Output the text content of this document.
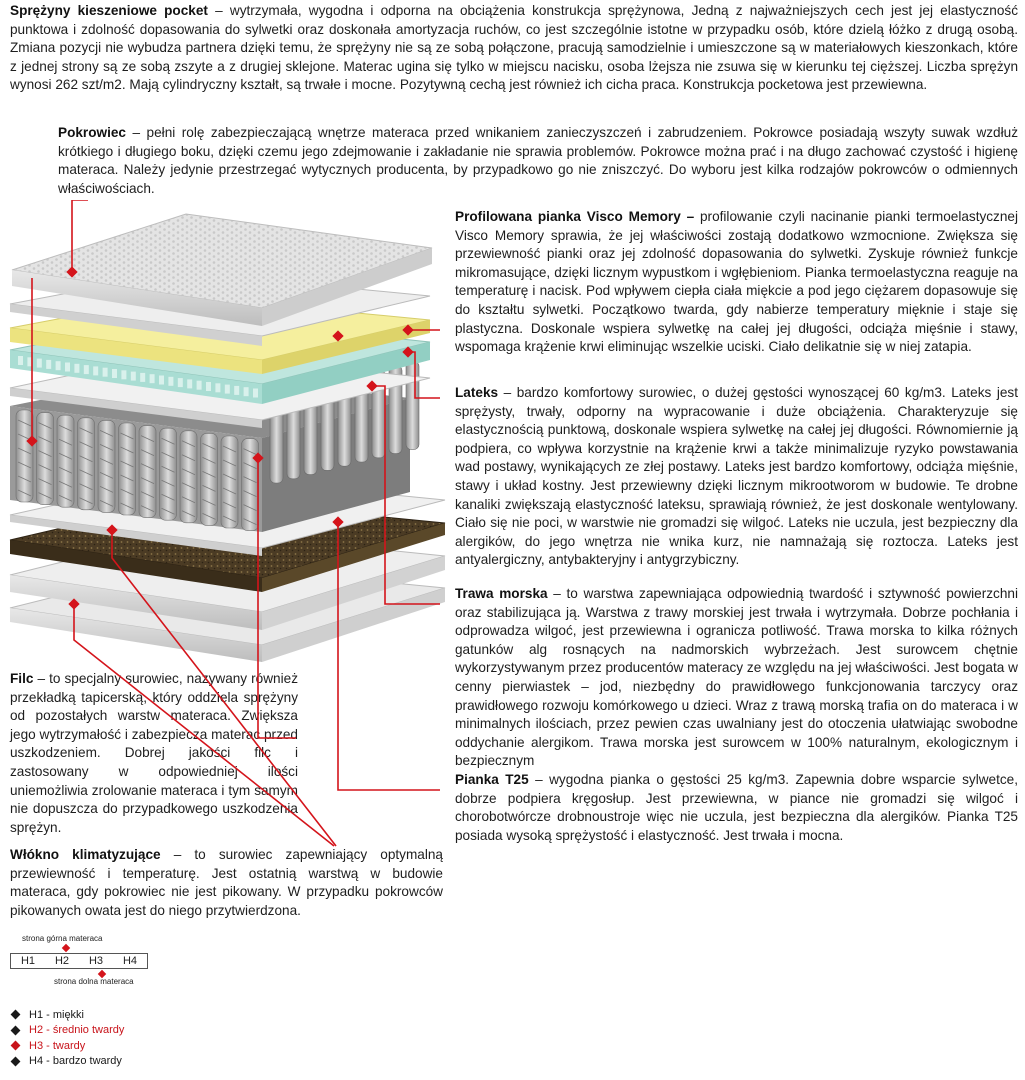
Sprężyny kieszeniowe pocket – wytrzymała, wygodna i odporna na obciążenia konstrukcja sprężynowa, Jedną z najważniejszych cech jest jej elastyczność punktowa i zdolność dopasowania do sylwetki oraz doskonała amortyzacja ruchów, co jest szczególnie istotne w przypadku osób, które dzielą łóżko z drugą osobą. Zmiana pozycji nie wybudza partnera dzięki temu, że sprężyny nie są ze sobą połączone, pracują samodzielnie i umieszczone są w materiałowych kieszonkach, które z jednej strony są ze sobą zszyte a z drugiej sklejone. Materac ugina się tylko w miejscu nacisku, osoba lżejsza nie zsuwa się w kierunku tej cięższej. Liczba sprężyn wynosi 262 szt/m2. Mają cylindryczny kształt, są trwałe i mocne. Pozytywną cechą jest również ich cicha praca. Konstrukcja pocketowa jest przewiewna.

Pokrowiec – pełni rolę zabezpieczającą wnętrze materaca przed wnikaniem zanieczyszczeń i zabrudzeniem. Pokrowce posiadają wszyty suwak wzdłuż krótkiego i długiego boku, dzięki czemu jego zdejmowanie i zakładanie nie sprawia problemów. Pokrowce można prać i na długo zachować czystość i higienę materaca. Należy jedynie przestrzegać wytycznych producenta, by przypadkowo go nie zniszczyć. Do wyboru jest kilka rodzajów pokrowców o odmiennych właściwościach.

Profilowana pianka Visco Memory – profilowanie czyli nacinanie pianki termoelastycznej Visco Memory sprawia, że jej właściwości zostają dodatkowo wzmocnione. Zwiększa się przewiewność pianki oraz jej zdolność dopasowania do sylwetki. Zyskuje również funkcje mikromasujące, dzięki licznym wypustkom i wgłębieniom. Pianka termoelastyczna reaguje na temperaturę i nacisk. Pod wpływem ciepła ciała miękcie a pod jego ciężarem dopasowuje się do kształtu sylwetki. Początkowo twarda, gdy nabierze temperatury mięknie i staje się plastyczna. Doskonale wspiera sylwetkę na całej jej długości, odciąża mięśnie i stawy, wspomaga krążenie krwi eliminując wszelkie uciski. Ciało delikatnie się w niej zatapia.

Lateks – bardzo komfortowy surowiec, o dużej gęstości wynoszącej 60 kg/m3. Lateks jest sprężysty, trwały, odporny na wypracowanie i duże obciążenia. Charakteryzuje się elastycznością punktową, doskonale wspiera sylwetkę na całej jej długości. Równomiernie ją podpiera, co wpływa korzystnie na krążenie krwi a także minimalizuje ryzyko powstawania wad postawy, wynikających ze złej postawy. Lateks jest bardzo komfortowy, odciąża mięśnie, stawy i układ kostny. Jest przewiewny dzięki licznym mikrootworom w budowie. Te drobne kanaliki zwiększają elastyczność lateksu, sprawiają również, że jest doskonale wentylowany. Ciało się nie poci, w warstwie nie gromadzi się wilgoć. Lateks nie uczula, jest bezpieczny dla alergików, do jego wnętrza nie wnika kurz, nie namnażają się roztocza. Lateks jest antyalergiczny, antybakteryjny i antygrzybiczny.

Trawa morska – to warstwa zapewniająca odpowiednią twardość i sztywność powierzchni oraz stabilizująca ją. Warstwa z trawy morskiej jest trwała i wytrzymała. Dobrze pochłania i odprowadza wilgoć, jest przewiewna i ogranicza potliwość. Trawa morska to kilka różnych gatunków alg rosnących na nadmorskich wybrzeżach. Jest surowcem chętnie wykorzystywanym przez producentów materacy ze względu na jej właściwości. Jest bogata w cenny pierwiastek – jod, niezbędny do prawidłowego funkcjonowania tarczycy oraz prawidłowego rozwoju komórkowego u dzieci. Wraz z trawą morską trafia on do materaca i w minimalnych ilościach, przez pewien czas uwalniany jest do otoczenia ułatwiając swobodne oddychanie alergikom. Trawa morska jest surowcem w 100% naturalnym, ekologicznym i bezpiecznym

Pianka T25 – wygodna pianka o gęstości 25 kg/m3. Zapewnia dobre wsparcie sylwetce, dobrze podpiera kręgosłup. Jest przewiewna, w piance nie gromadzi się wilgoć i chorobotwórcze drobnoustroje więc nie uczula, jest bezpieczna dla alergików. Pianka T25 posiada wysoką sprężystość i elastyczność. Jest trwała i mocna.

Filc – to specjalny surowiec, nazywany również przekładką tapicerską, który oddziela sprężyny od pozostałych warstw materaca. Zwiększa jego wytrzymałość i zabezpiecza materac przed uszkodzeniem. Dobrej jakości filc i zastosowany w odpowiedniej ilości uniemożliwia zrolowanie materaca i tym samym nie dopuszcza do przypadkowego uszkodzenia sprężyn.

Włókno klimatyzujące – to surowiec zapewniający optymalną przewiewność i temperaturę. Jest ostatnią warstwą w budowie materaca, gdy pokrowiec nie jest pikowany. W przypadku pokrowców pikowanych owata jest do niego przytwierdzona.

strona górna materaca
H1	H2	H3	H4
strona dolna materaca
H1 - miękki
H2 - średnio twardy
H3 - twardy
H4 - bardzo twardy
